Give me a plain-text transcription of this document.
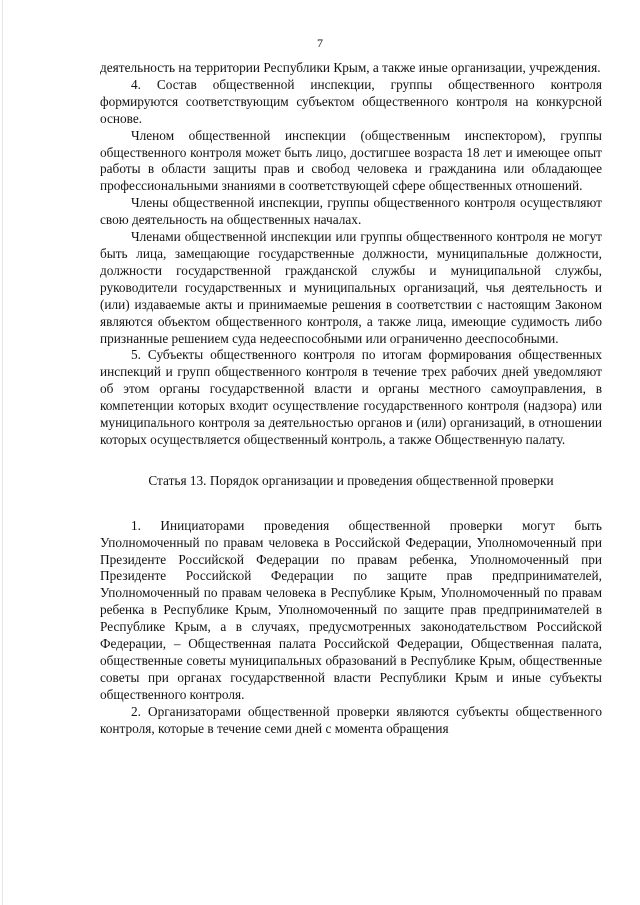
7

деятельность на территории Республики Крым, а также иные организации, учреждения.

4. Состав общественной инспекции, группы общественного контроля формируются соответствующим субъектом общественного контроля на конкурсной основе.

Членом общественной инспекции (общественным инспектором), группы общественного контроля может быть лицо, достигшее возраста 18 лет и имеющее опыт работы в области защиты прав и свобод человека и гражданина или обладающее профессиональными знаниями в соответствующей сфере общественных отношений.

Члены общественной инспекции, группы общественного контроля осуществляют свою деятельность на общественных началах.

Членами общественной инспекции или группы общественного контроля не могут быть лица, замещающие государственные должности, муниципальные должности, должности государственной гражданской службы и муниципальной службы, руководители государственных и муниципальных организаций, чья деятельность и (или) издаваемые акты и принимаемые решения в соответствии с настоящим Законом являются объектом общественного контроля, а также лица, имеющие судимость либо признанные решением суда недееспособными или ограниченно дееспособными.

5. Субъекты общественного контроля по итогам формирования общественных инспекций и групп общественного контроля в течение трех рабочих дней уведомляют об этом органы государственной власти и органы местного самоуправления, в компетенции которых входит осуществление государственного контроля (надзора) или муниципального контроля за деятельностью органов и (или) организаций, в отношении которых осуществляется общественный контроль, а также Общественную палату.

Статья 13. Порядок организации и проведения общественной проверки

1. Инициаторами проведения общественной проверки могут быть Уполномоченный по правам человека в Российской Федерации, Уполномоченный при Президенте Российской Федерации по правам ребенка, Уполномоченный при Президенте Российской Федерации по защите прав предпринимателей, Уполномоченный по правам человека в Республике Крым, Уполномоченный по правам ребенка в Республике Крым, Уполномоченный по защите прав предпринимателей в Республике Крым, а в случаях, предусмотренных законодательством Российской Федерации, – Общественная палата Российской Федерации, Общественная палата, общественные советы муниципальных образований в Республике Крым, общественные советы при органах государственной власти Республики Крым и иные субъекты общественного контроля.

2. Организаторами общественной проверки являются субъекты общественного контроля, которые в течение семи дней с момента обращения
